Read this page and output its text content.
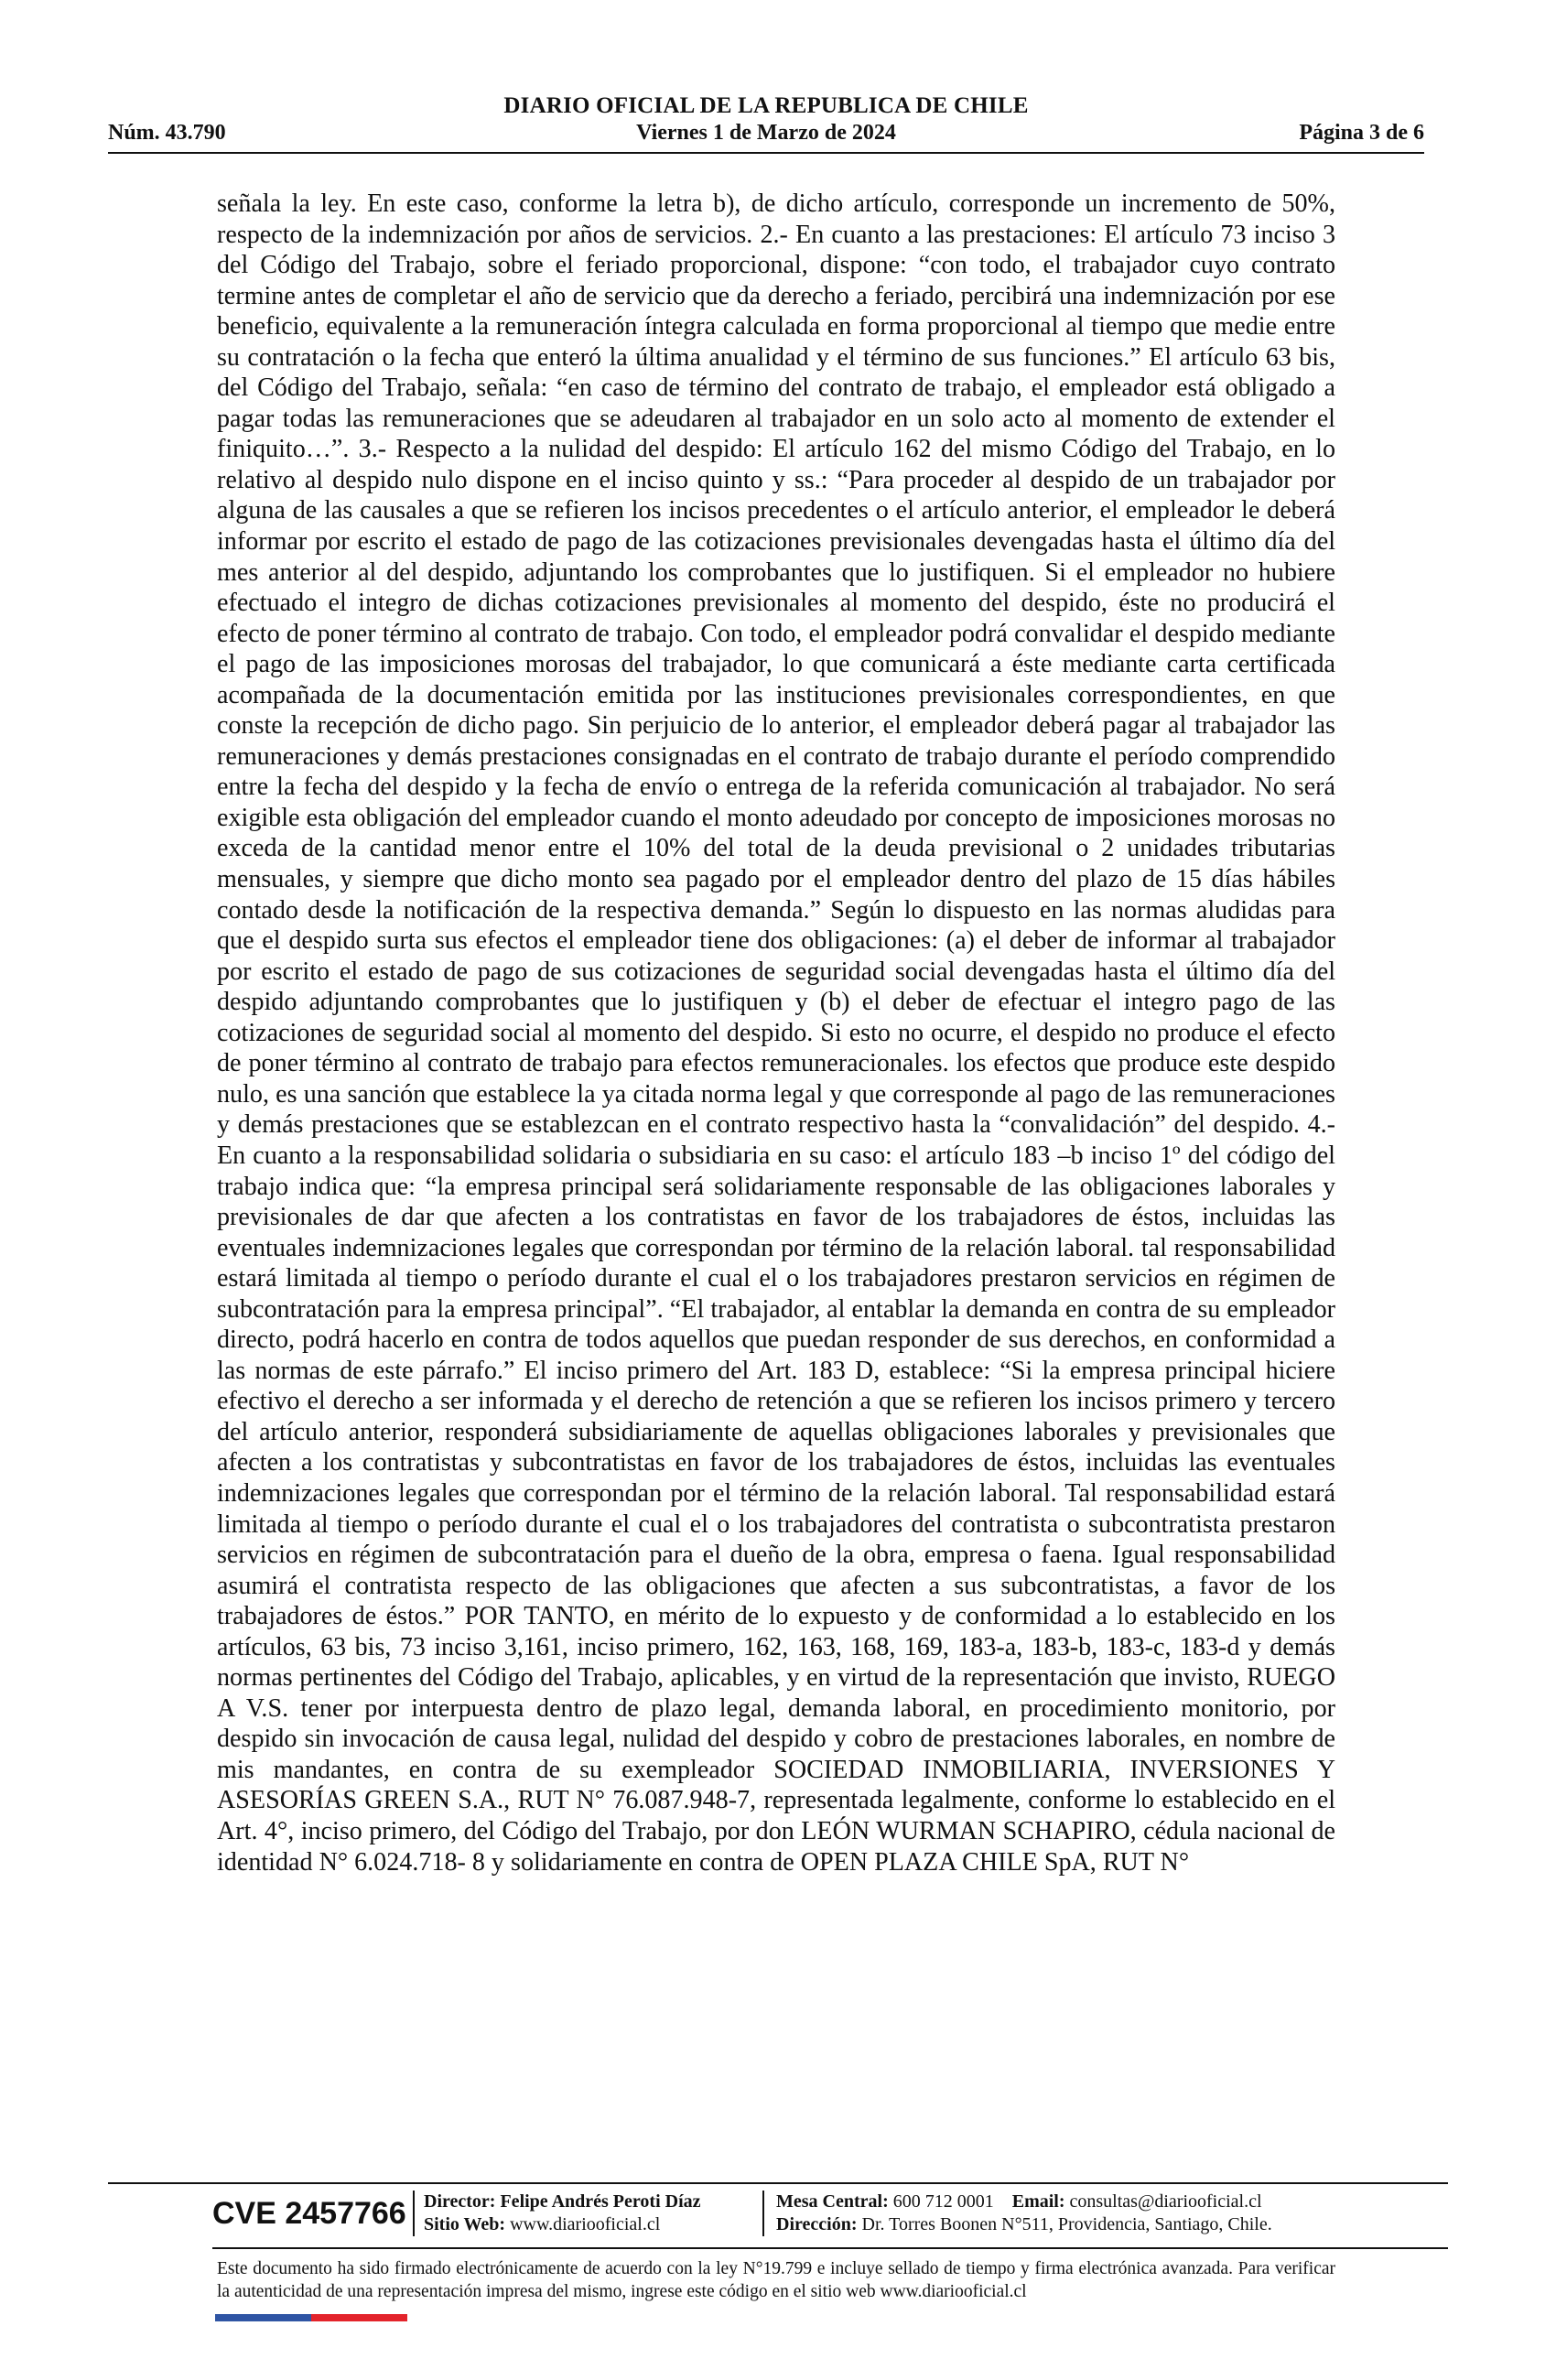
DIARIO OFICIAL DE LA REPUBLICA DE CHILE
Núm. 43.790	Viernes 1 de Marzo de 2024	Página 3 de 6

señala la ley. En este caso, conforme la letra b), de dicho artículo, corresponde un incremento de 50%, respecto de la indemnización por años de servicios. 2.- En cuanto a las prestaciones: El artículo 73 inciso 3 del Código del Trabajo, sobre el feriado proporcional, dispone: “con todo, el trabajador cuyo contrato termine antes de completar el año de servicio que da derecho a feriado, percibirá una indemnización por ese beneficio, equivalente a la remuneración íntegra calculada en forma proporcional al tiempo que medie entre su contratación o la fecha que enteró la última anualidad y el término de sus funciones.” El artículo 63 bis, del Código del Trabajo, señala: “en caso de término del contrato de trabajo, el empleador está obligado a pagar todas las remuneraciones que se adeudaren al trabajador en un solo acto al momento de extender el finiquito…”. 3.- Respecto a la nulidad del despido: El artículo 162 del mismo Código del Trabajo, en lo relativo al despido nulo dispone en el inciso quinto y ss.: “Para proceder al despido de un trabajador por alguna de las causales a que se refieren los incisos precedentes o el artículo anterior, el empleador le deberá informar por escrito el estado de pago de las cotizaciones previsionales devengadas hasta el último día del mes anterior al del despido, adjuntando los comprobantes que lo justifiquen. Si el empleador no hubiere efectuado el integro de dichas cotizaciones previsionales al momento del despido, éste no producirá el efecto de poner término al contrato de trabajo. Con todo, el empleador podrá convalidar el despido mediante el pago de las imposiciones morosas del trabajador, lo que comunicará a éste mediante carta certificada acompañada de la documentación emitida por las instituciones previsionales correspondientes, en que conste la recepción de dicho pago. Sin perjuicio de lo anterior, el empleador deberá pagar al trabajador las remuneraciones y demás prestaciones consignadas en el contrato de trabajo durante el período comprendido entre la fecha del despido y la fecha de envío o entrega de la referida comunicación al trabajador. No será exigible esta obligación del empleador cuando el monto adeudado por concepto de imposiciones morosas no exceda de la cantidad menor entre el 10% del total de la deuda previsional o 2 unidades tributarias mensuales, y siempre que dicho monto sea pagado por el empleador dentro del plazo de 15 días hábiles contado desde la notificación de la respectiva demanda.” Según lo dispuesto en las normas aludidas para que el despido surta sus efectos el empleador tiene dos obligaciones: (a) el deber de informar al trabajador por escrito el estado de pago de sus cotizaciones de seguridad social devengadas hasta el último día del despido adjuntando comprobantes que lo justifiquen y (b) el deber de efectuar el integro pago de las cotizaciones de seguridad social al momento del despido. Si esto no ocurre, el despido no produce el efecto de poner término al contrato de trabajo para efectos remuneracionales. los efectos que produce este despido nulo, es una sanción que establece la ya citada norma legal y que corresponde al pago de las remuneraciones y demás prestaciones que se establezcan en el contrato respectivo hasta la “convalidación” del despido. 4.- En cuanto a la responsabilidad solidaria o subsidiaria en su caso: el artículo 183 –b inciso 1º del código del trabajo indica que: “la empresa principal será solidariamente responsable de las obligaciones laborales y previsionales de dar que afecten a los contratistas en favor de los trabajadores de éstos, incluidas las eventuales indemnizaciones legales que correspondan por término de la relación laboral. tal responsabilidad estará limitada al tiempo o período durante el cual el o los trabajadores prestaron servicios en régimen de subcontratación para la empresa principal”. “El trabajador, al entablar la demanda en contra de su empleador directo, podrá hacerlo en contra de todos aquellos que puedan responder de sus derechos, en conformidad a las normas de este párrafo.” El inciso primero del Art. 183 D, establece: “Si la empresa principal hiciere efectivo el derecho a ser informada y el derecho de retención a que se refieren los incisos primero y tercero del artículo anterior, responderá subsidiariamente de aquellas obligaciones laborales y previsionales que afecten a los contratistas y subcontratistas en favor de los trabajadores de éstos, incluidas las eventuales indemnizaciones legales que correspondan por el término de la relación laboral. Tal responsabilidad estará limitada al tiempo o período durante el cual el o los trabajadores del contratista o subcontratista prestaron servicios en régimen de subcontratación para el dueño de la obra, empresa o faena. Igual responsabilidad asumirá el contratista respecto de las obligaciones que afecten a sus subcontratistas, a favor de los trabajadores de éstos.” POR TANTO, en mérito de lo expuesto y de conformidad a lo establecido en los artículos, 63 bis, 73 inciso 3,161, inciso primero, 162, 163, 168, 169, 183-a, 183-b, 183-c, 183-d y demás normas pertinentes del Código del Trabajo, aplicables, y en virtud de la representación que invisto, RUEGO A V.S. tener por interpuesta dentro de plazo legal, demanda laboral, en procedimiento monitorio, por despido sin invocación de causa legal, nulidad del despido y cobro de prestaciones laborales, en nombre de mis mandantes, en contra de su exempleador SOCIEDAD INMOBILIARIA, INVERSIONES Y ASESORÍAS GREEN S.A., RUT N° 76.087.948-7, representada legalmente, conforme lo establecido en el Art. 4°, inciso primero, del Código del Trabajo, por don LEÓN WURMAN SCHAPIRO, cédula nacional de identidad N° 6.024.718- 8 y solidariamente en contra de OPEN PLAZA CHILE SpA, RUT N°

CVE 2457766 Director: Felipe Andrés Peroti Díaz
Sitio Web: www.diariooficial.cl
Mesa Central: 600 712 0001 Email: consultas@diariooficial.cl
Dirección: Dr. Torres Boonen N°511, Providencia, Santiago, Chile.

Este documento ha sido firmado electrónicamente de acuerdo con la ley N°19.799 e incluye sellado de tiempo y firma electrónica avanzada. Para verificar la autenticidad de una representación impresa del mismo, ingrese este código en el sitio web www.diariooficial.cl
